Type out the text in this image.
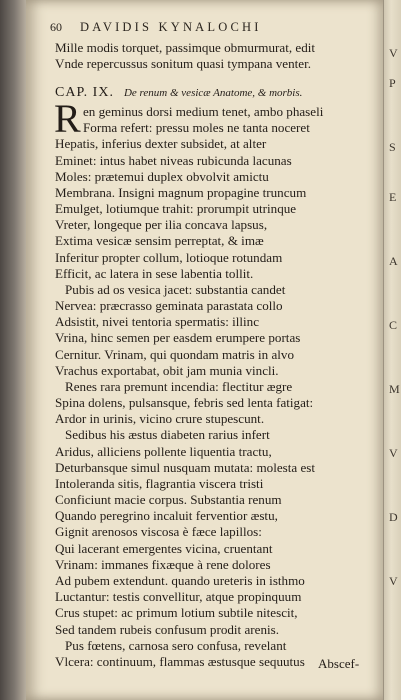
V
P
S
E
A
C
M
V
D
V
60 DAVIDIS KYNALOCHI
Mille modis torquet, passimque obmurmurat, edit
Vnde repercussus sonitum quasi tympana venter.
CAP. IX. De renum & vesicæ Anatome, & morbis.
R en geminus dorsi medium tenet, ambo phaseli
Forma refert: pressu moles ne tanta noceret
Hepatis, inferius dexter subsidet, at alter
Eminet: intus habet niveas rubicunda lacunas
Moles: prætemui duplex obvolvit amictu
Membrana. Insigni magnum propagine truncum
Emulget, lotiumque trahit: prorumpit utrinque
Vreter, longeque per ilia concava lapsus,
Extima vesicæ sensim perreptat, & imæ
Inferitur propter collum, lotioque rotundam
Efficit, ac latera in sese labentia tollit.
Pubis ad os vesica jacet: substantia candet
Nervea: præcrasso geminata parastata collo
Adsistit, nivei tentoria spermatis: illinc
Vrina, hinc semen per easdem erumpere portas
Cernitur. Vrinam, qui quondam matris in alvo
Vrachus exportabat, obit jam munia vincli.
Renes rara premunt incendia: flectitur ægre
Spina dolens, pulsansque, febris sed lenta fatigat:
Ardor in urinis, vicino crure stupescunt.
Sedibus his æstus diabeten rarius infert
Aridus, alliciens pollente liquentia tractu,
Deturbansque simul nusquam mutata: molesta est
Intoleranda sitis, flagrantia viscera tristi
Conficiunt macie corpus. Substantia renum
Quando peregrino incaluit ferventior æstu,
Gignit arenosos viscosa è fæce lapillos:
Qui lacerant emergentes vicina, cruentant
Vrinam: immanes fixæque à rene dolores
Ad pubem extendunt. quando ureteris in isthmo
Luctantur: testis convellitur, atque propinquum
Crus stupet: ac primum lotium subtile nitescit,
Sed tandem rubeis confusum prodit arenis.
Pus fœtens, carnosa sero confusa, revelant
Vlcera: continuum, flammas æstusque sequutus	Abscef-
